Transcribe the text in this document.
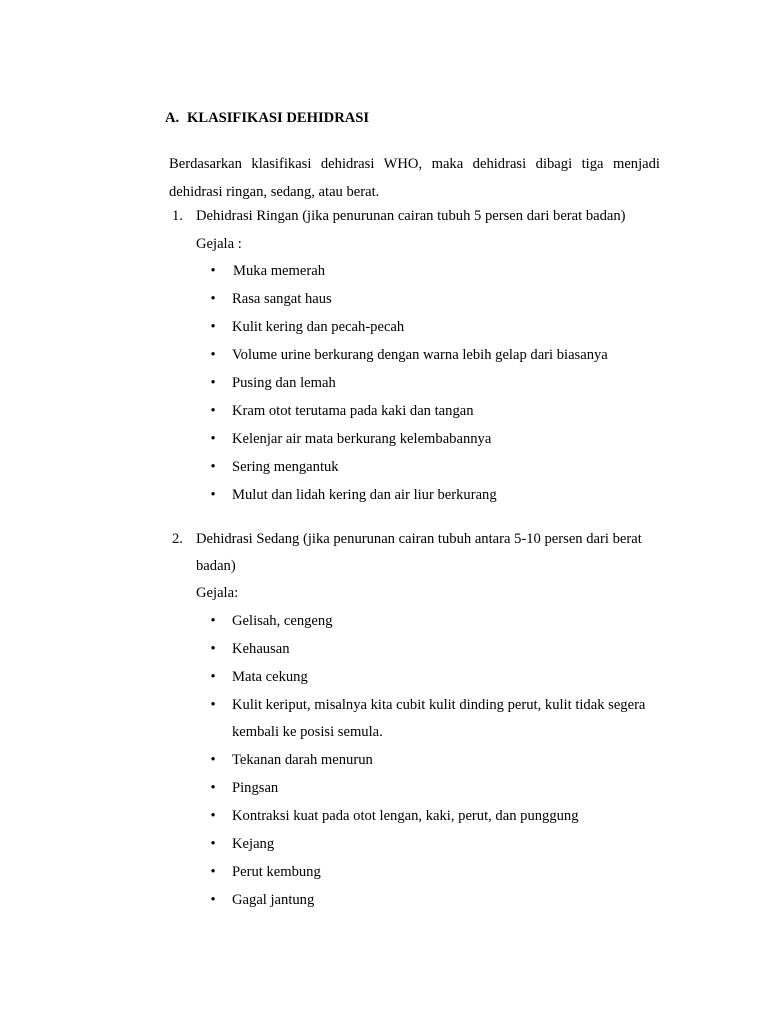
A. KLASIFIKASI DEHIDRASI
Berdasarkan klasifikasi dehidrasi WHO, maka dehidrasi dibagi tiga menjadi dehidrasi ringan, sedang, atau berat.
1. Dehidrasi Ringan (jika penurunan cairan tubuh 5 persen dari berat badan)
Gejala :
• Muka memerah
• Rasa sangat haus
• Kulit kering dan pecah-pecah
• Volume urine berkurang dengan warna lebih gelap dari biasanya
• Pusing dan lemah
• Kram otot terutama pada kaki dan tangan
• Kelenjar air mata berkurang kelembabannya
• Sering mengantuk
• Mulut dan lidah kering dan air liur berkurang
2. Dehidrasi Sedang (jika penurunan cairan tubuh antara 5-10 persen dari berat
badan)
Gejala:
• Gelisah, cengeng
• Kehausan
• Mata cekung
• Kulit keriput, misalnya kita cubit kulit dinding perut, kulit tidak segera
kembali ke posisi semula.
• Tekanan darah menurun
• Pingsan
• Kontraksi kuat pada otot lengan, kaki, perut, dan punggung
• Kejang
• Perut kembung
• Gagal jantung
